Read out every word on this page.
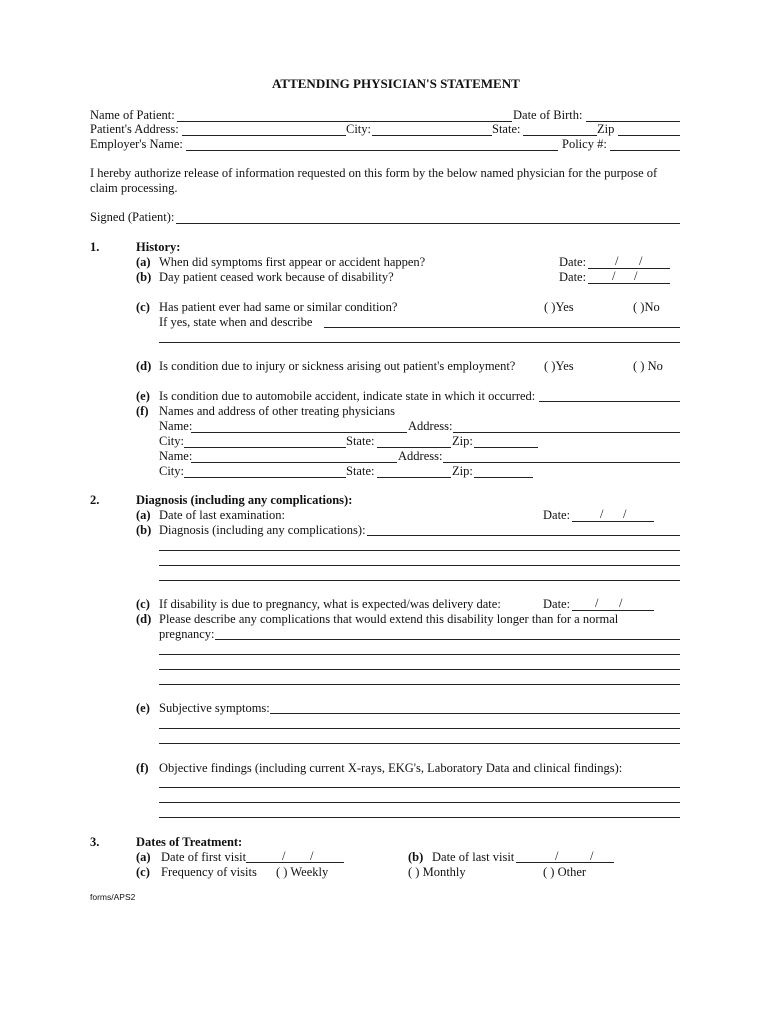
ATTENDING PHYSICIAN'S STATEMENT
Name of Patient:	Date of Birth:
Patient's Address:	City:	State:	Zip
Employer's Name:	Policy #:
I hereby authorize release of information requested on this form by the below named physician for the purpose of
claim processing.
Signed (Patient):
1.	History:
(a) When did symptoms first appear or accident happen?	Date: / /
(b) Day patient ceased work because of disability?	Date: / /
(c) Has patient ever had same or similar condition?	( )Yes	( )No
If yes, state when and describe
(d) Is condition due to injury or sickness arising out patient's employment? ( )Yes	( ) No
(e) Is condition due to automobile accident, indicate state in which it occurred:
(f) Names and address of other treating physicians
Name:	Address:
City:	State:	Zip:
Name:	Address:
City:	State:	Zip:
2.	Diagnosis (including any complications):
(a) Date of last examination:	Date: / /
(b) Diagnosis (including any complications):
(c) If disability is due to pregnancy, what is expected/was delivery date:	Date: / /
(d) Please describe any complications that would extend this disability longer than for a normal
pregnancy:
(e) Subjective symptoms:
(f) Objective findings (including current X-rays, EKG's, Laboratory Data and clinical findings):
3.	Dates of Treatment:
(a) Date of first visit	/ /	(b) Date of last visit	/	/
(c) Frequency of visits ( ) Weekly	( ) Monthly	( ) Other
forms/APS2
